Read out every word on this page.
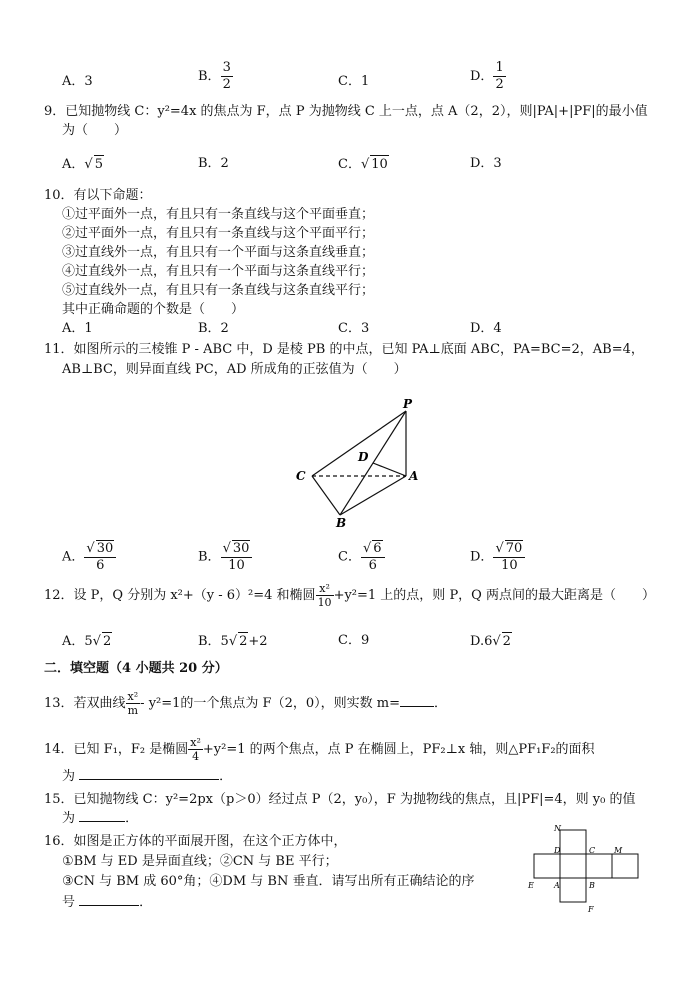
A．3	B． $\frac{3}{2}$	C．1	D． $\frac{1}{2}$
9．已知抛物线 C：y²=4x 的焦点为 F，点 P 为抛物线 C 上一点，点 A（2，2），则|PA|+|PF|的最小值
为（　　）
A．√ 5	B．2	C．√ 10	D．3
10．有以下命题：
①过平面外一点，有且只有一条直线与这个平面垂直；
②过平面外一点，有且只有一条直线与这个平面平行；
③过直线外一点，有且只有一个平面与这条直线垂直；
④过直线外一点，有且只有一个平面与这条直线平行；
⑤过直线外一点，有且只有一条直线与这条直线平行；
其中正确命题的个数是（　　）
A．1	B．2	C．3	D．4
11．如图所示的三棱锥 P - ABC 中，D 是棱 PB 的中点，已知 PA⊥底面 ABC，PA=BC=2，AB=4，
AB⊥BC，则异面直线 PC，AD 所成角的正弦值为（　　）
P
D
C	A
B
A． $\frac{√ 30}{6}$	B． $\frac{√ 30}{10}$	C． $\frac{√ 6}{6}$	D． $\frac{√ 70}{10}$
12．设 P，Q 分别为 x²+（y - 6）²=4 和椭圆 $\frac{\text{x²}}{10} +y^2=1$ 上的点，则 P，Q 两点间的最大距离是（　　）
A．5√ 2	B．5√ 2+2	C．9	D.6√ 2
二．填空题（4 小题共 20 分）
13．若双曲线 $\frac{\text{x²}}{m} - y^2=1$的一个焦点为 F（2，0），则实数 m=	．
14．已知 F₁，F₂ 是椭圆 $\frac{\text{x²}}{4} +y^2=1$ 的两个焦点，点 P 在椭圆上，PF₂⊥x 轴，则△PF₁F₂的面积
为	．
15．已知抛物线 C：y²=2px（p＞0）经过点 P（2，y₀），F 为抛物线的焦点，且|PF|=4，则 y₀ 的值
为	．
16．如图是正方体的平面展开图，在这个正方体中，
①BM 与 ED 是异面直线；②CN 与 BE 平行；
③CN 与 BM 成 60°角；④DM 与 BN 垂直．请写出所有正确结论的序
号	．
N
D	C M
E	A	B
F
